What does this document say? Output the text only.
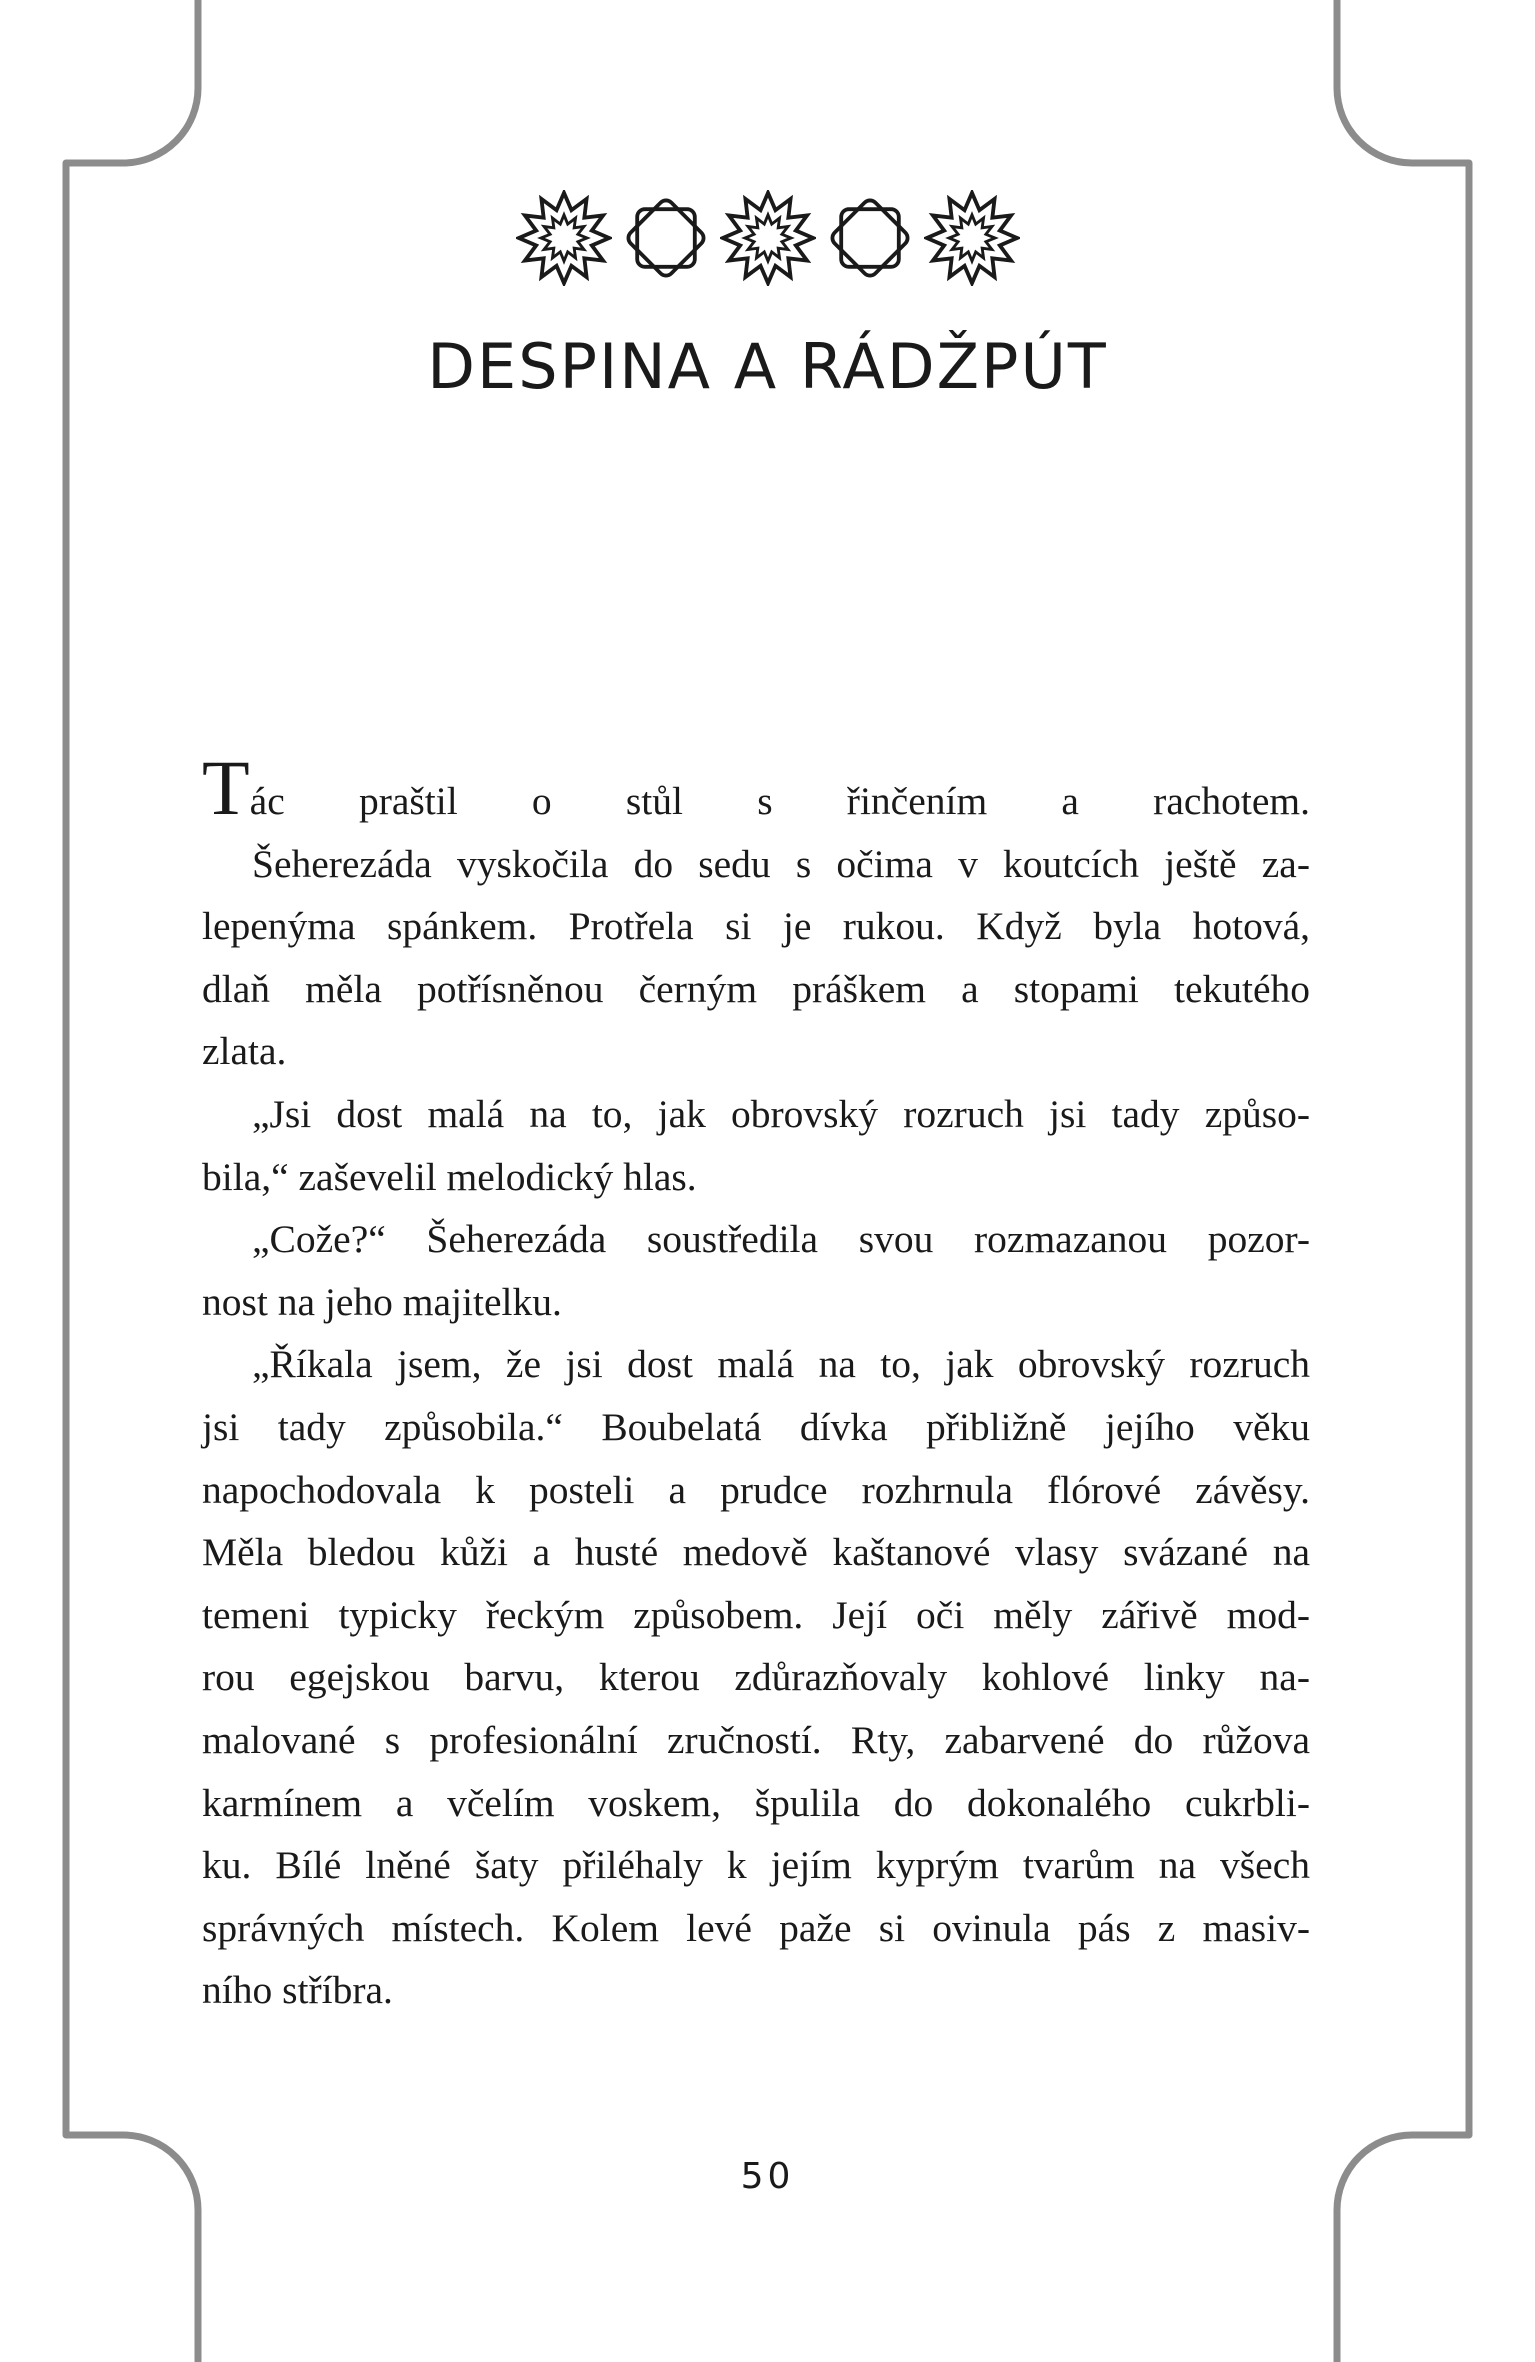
DESPINA A RÁDŽPÚT
Tác praštil o stůl s řinčením a rachotem.
Šeherezáda vyskočila do sedu s očima v koutcích ještě za-
lepenýma spánkem. Protřela si je rukou. Když byla hotová,
dlaň měla potřísněnou černým práškem a stopami tekutého
zlata.
„Jsi dost malá na to, jak obrovský rozruch jsi tady způso-
bila,“ zaševelil melodický hlas.
„Cože?“ Šeherezáda soustředila svou rozmazanou pozor-
nost na jeho majitelku.
„Říkala jsem, že jsi dost malá na to, jak obrovský rozruch
jsi tady způsobila.“ Boubelatá dívka přibližně jejího věku
napochodovala k posteli a prudce rozhrnula flórové závěsy.
Měla bledou kůži a husté medově kaštanové vlasy svázané na
temeni typicky řeckým způsobem. Její oči měly zářivě mod-
rou egejskou barvu, kterou zdůrazňovaly kohlové linky na-
malované s profesionální zručností. Rty, zabarvené do růžova
karmínem a včelím voskem, špulila do dokonalého cukrbli-
ku. Bílé lněné šaty přiléhaly k jejím kyprým tvarům na všech
správných místech. Kolem levé paže si ovinula pás z masiv-
ního stříbra.
50
